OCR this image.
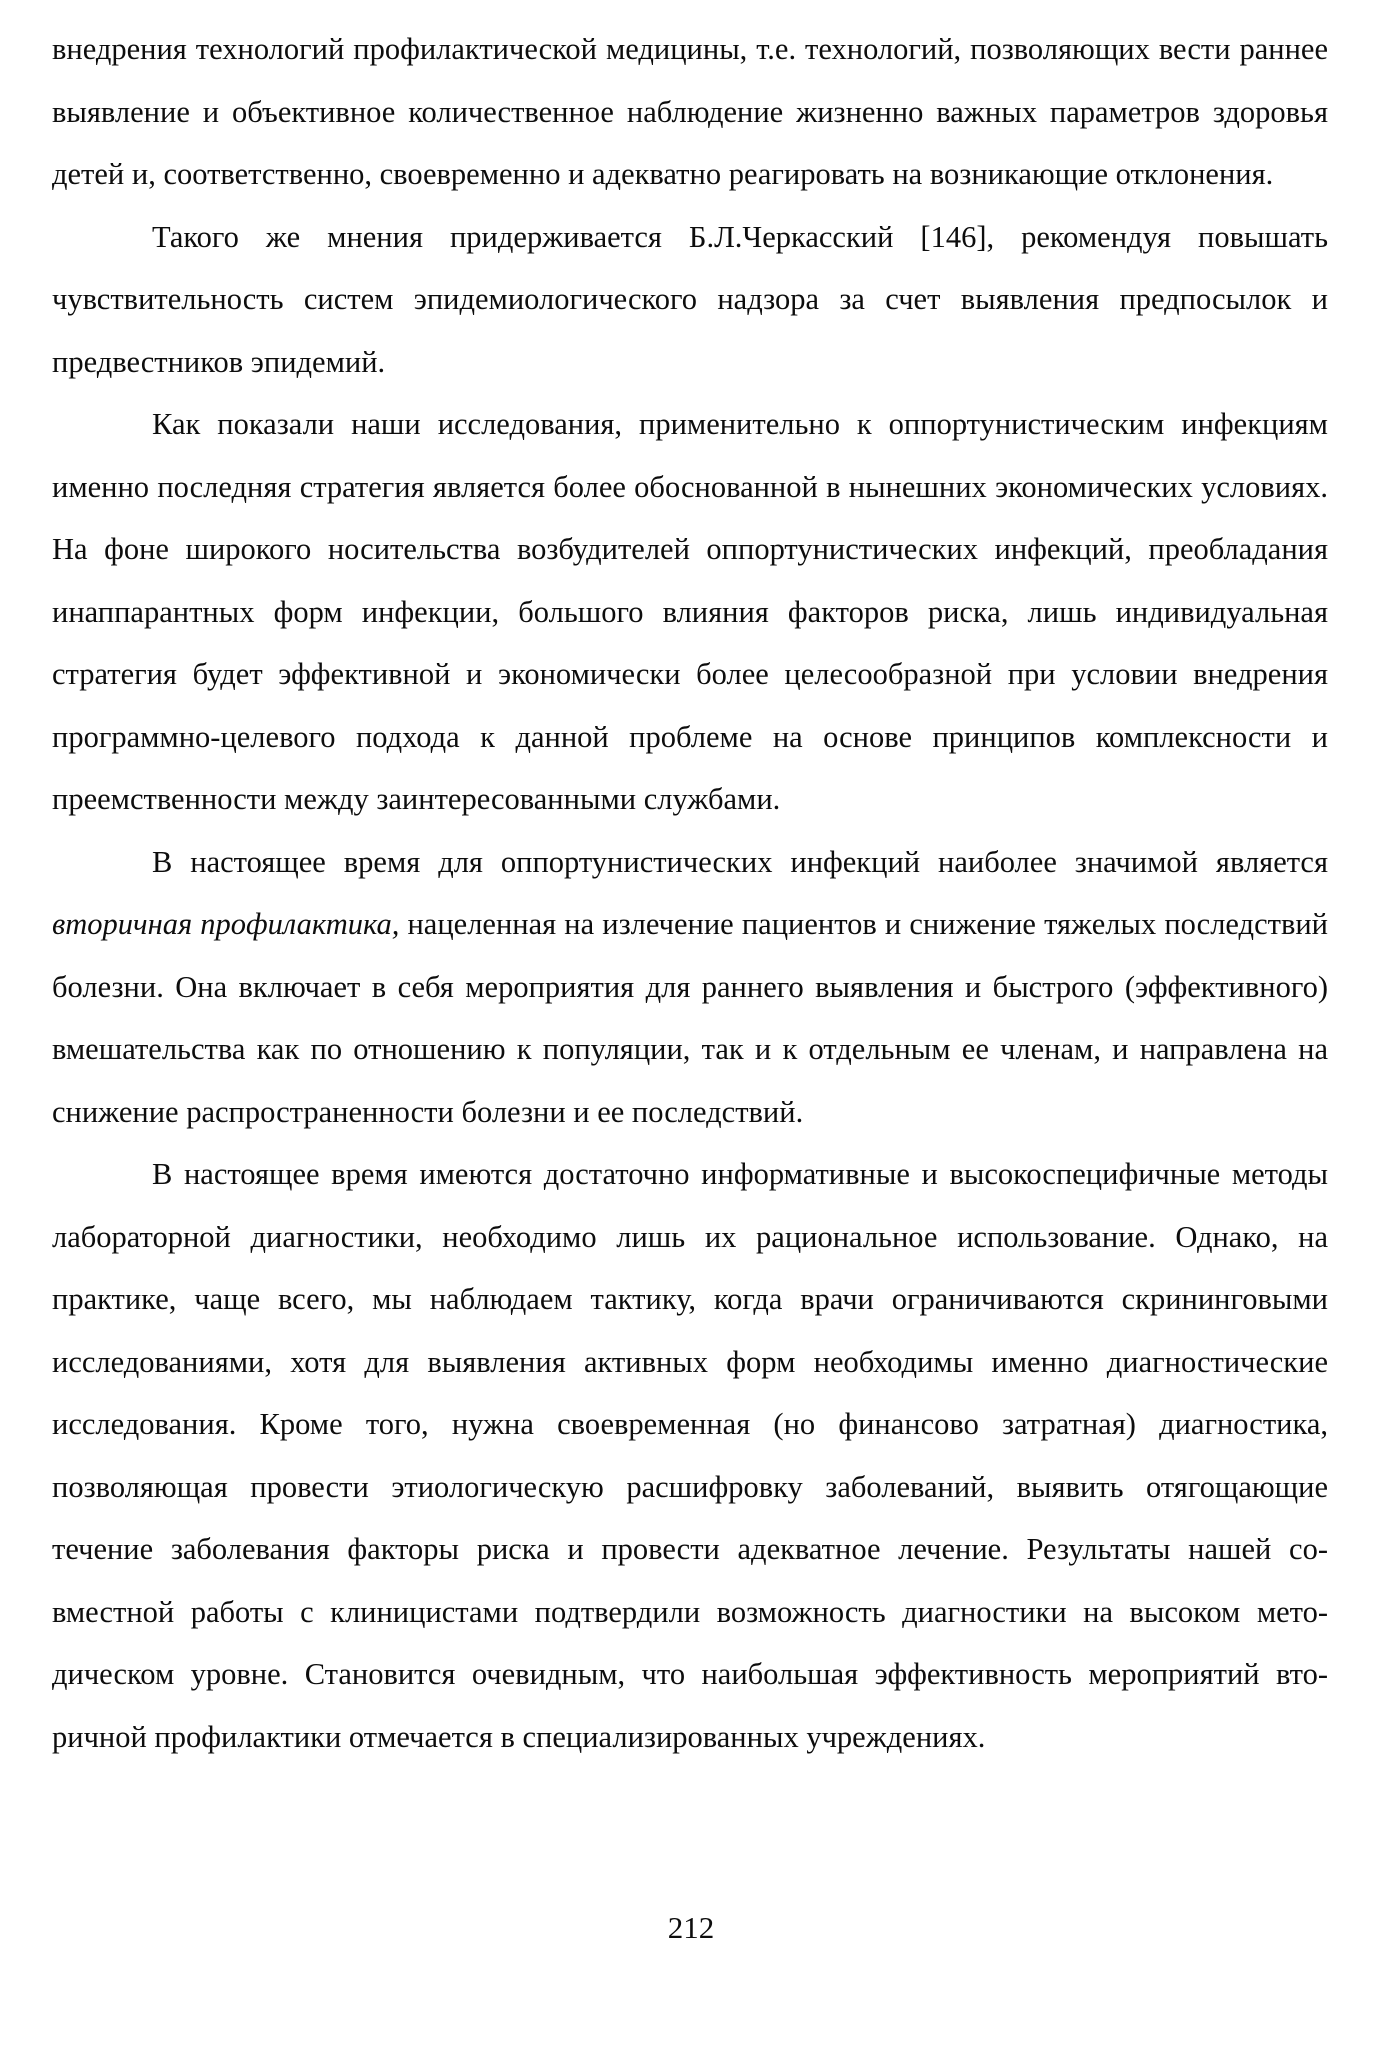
внедрения технологий профилактической медицины, т.е. технологий, позволяющих вести раннее выявление и объективное количественное наблюдение жизненно важных параметров здоровья детей и, соответственно, своевременно и адекватно реагировать на возникающие отклонения.

Такого же мнения придерживается Б.Л.Черкасский [146], рекомендуя повышать чувствительность систем эпидемиологического надзора за счет выявления предпосылок и предвестников эпидемий.

Как показали наши исследования, применительно к оппортунистическим инфекциям именно последняя стратегия является более обоснованной в нынешних экономических условиях. На фоне широкого носительства возбудителей оппортунистических инфекций, преобладания инаппарантных форм инфекции, большого влияния факторов риска, лишь индивидуальная стратегия будет эффективной и экономически более целесообразной при условии внедрения программно-целевого подхода к данной проблеме на основе принципов комплексности и преемственности между заинтересованными службами.

В настоящее время для оппортунистических инфекций наиболее значимой является вторичная профилактика, нацеленная на излечение пациентов и снижение тяжелых последствий болезни. Она включает в себя мероприятия для раннего выявления и быстрого (эффективного) вмешательства как по отношению к популяции, так и к отдельным ее членам, и направлена на снижение распространенности болезни и ее последствий.

В настоящее время имеются достаточно информативные и высокоспецифичные методы лабораторной диагностики, необходимо лишь их рациональное использование. Однако, на практике, чаще всего, мы наблюдаем тактику, когда врачи ограничиваются скрининговыми исследованиями, хотя для выявления активных форм необходимы именно диагностические исследования. Кроме того, нужна своевременная (но финансово затратная) диагностика, позволяющая провести этиологическую расшифровку заболеваний, выявить отягощающие течение заболевания факторы риска и провести адекватное лечение. Результаты нашей совместной работы с клиницистами подтвердили возможность диагностики на высоком методическом уровне. Становится очевидным, что наибольшая эффективность мероприятий вторичной профилактики отмечается в специализированных учреждениях.

212
